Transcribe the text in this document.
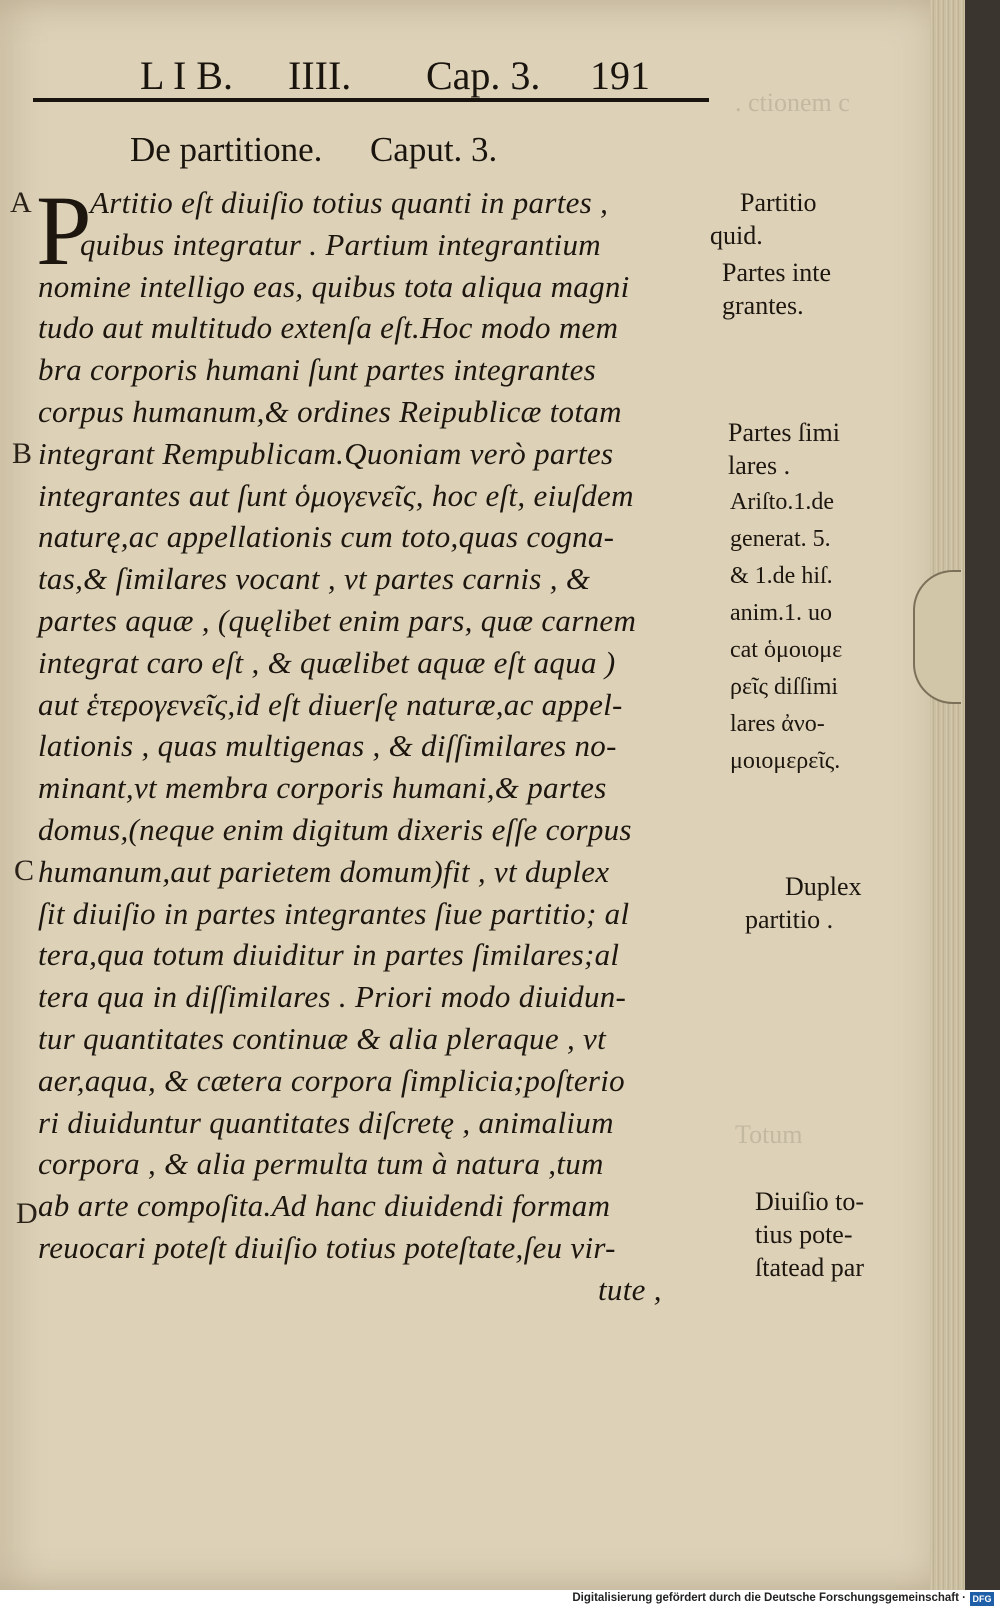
. ctionem c
Totum
L I B. IIII. Cap. 3. 191
De partitione. Caput. 3.
P
A
B
C
D
Artitio eſt diuiſio totius quanti in partes ,
quibus integratur . Partium integrantium
nomine intelligo eas, quibus tota aliqua magni
tudo aut multitudo extenſa eſt.Hoc modo mem
bra corporis humani ſunt partes integrantes
corpus humanum,& ordines Reipublicæ totam
integrant Rempublicam.Quoniam verò partes
integrantes aut ſunt ὁμογενεῖς, hoc eſt, eiuſdem
naturę,ac appellationis cum toto,quas cogna-
tas,& ſimilares vocant , vt partes carnis , &
partes aquæ , (quęlibet enim pars, quæ carnem
integrat caro eſt , & quælibet aquæ eſt aqua )
aut ἑτερογενεῖς,id eſt diuerſę naturæ,ac appel-
lationis , quas multigenas , & diſſimilares no-
minant,vt membra corporis humani,& partes
domus,(neque enim digitum dixeris eſſe corpus
humanum,aut parietem domum)fit , vt duplex
ſit diuiſio in partes integrantes ſiue partitio; al
tera,qua totum diuiditur in partes ſimilares;al
tera qua in diſſimilares . Priori modo diuidun-
tur quantitates continuæ & alia pleraque , vt
aer,aqua, & cætera corpora ſimplicia;poſterio
ri diuiduntur quantitates diſcretę , animalium
corpora , & alia permulta tum à natura ,tum
ab arte compoſita.Ad hanc diuidendi formam
reuocari poteſt diuiſio totius poteſtate,ſeu vir-
tute ,
Partitio
quid.
Partes inte
grantes.
Partes ſimi
lares .
Ariſto.1.de
generat. 5.
& 1.de hiſ.
anim.1. uo
cat ὁμοιομε
ρεῖς diſſimi
lares ἀνο-
μοιομερεῖς.
Duplex
partitio .
Diuiſio to-
tius pote-
ſtatead par
Digitalisierung gefördert durch die Deutsche Forschungsgemeinschaft · DFG
